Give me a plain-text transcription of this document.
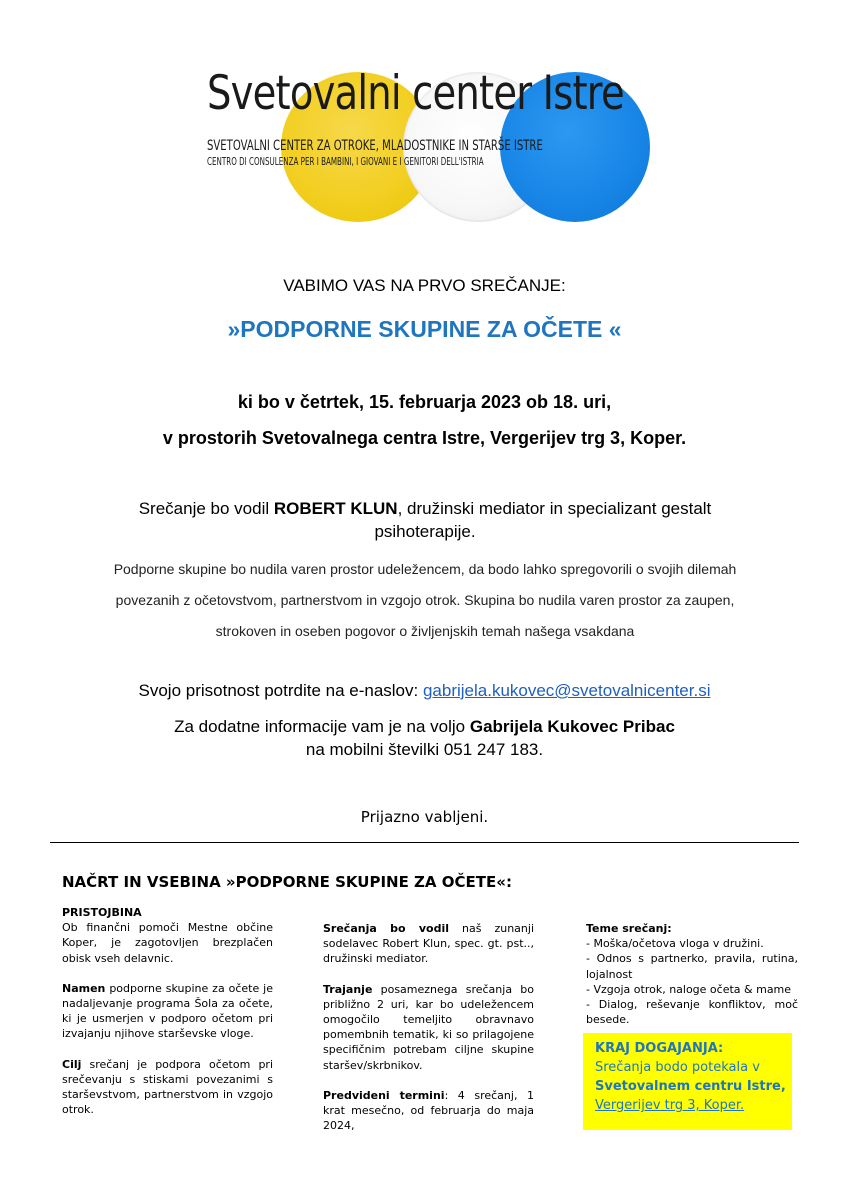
Svetovalni center Istre
SVETOVALNI CENTER ZA OTROKE, MLADOSTNIKE IN STARŠE ISTRE
CENTRO DI CONSULENZA PER I BAMBINI, I GIOVANI E I GENITORI DELL'ISTRIA
VABIMO VAS NA PRVO SREČANJE:
»PODPORNE SKUPINE ZA OČETE «
ki bo v četrtek, 15. februarja 2023 ob 18. uri,
v prostorih Svetovalnega centra Istre, Vergerijev trg 3, Koper.
Srečanje bo vodil ROBERT KLUN, družinski mediator in specializant gestalt psihoterapije.
Podporne skupine bo nudila varen prostor udeležencem, da bodo lahko spregovorili o svojih dilemah
povezanih z očetovstvom, partnerstvom in vzgojo otrok. Skupina bo nudila varen prostor za zaupen,
strokoven in oseben pogovor o življenjskih temah našega vsakdana
Svojo prisotnost potrdite na e-naslov: gabrijela.kukovec@svetovalnicenter.si
Za dodatne informacije vam je na voljo Gabrijela Kukovec Pribac
na mobilni številki 051 247 183.
Prijazno vabljeni.
NAČRT IN VSEBINA »PODPORNE SKUPINE ZA OČETE«:
PRISTOJBINA

Ob finančni pomoči Mestne občine Koper, je zagotovljen brezplačen obisk vseh delavnic.

Namen podporne skupine za očete je nadaljevanje programa Šola za očete, ki je usmerjen v podporo očetom pri izvajanju njihove starševske vloge.

Cilj srečanj je podpora očetom pri srečevanju s stiskami povezanimi s starševstvom, partnerstvom in vzgojo otrok.

Srečanja bo vodil naš zunanji sodelavec Robert Klun, spec. gt. pst.., družinski mediator.

Trajanje posameznega srečanja bo približno 2 uri, kar bo udeležencem omogočilo temeljito obravnavo pomembnih tematik, ki so prilagojene specifičnim potrebam ciljne skupine staršev/skrbnikov.

Predvideni termini: 4 srečanj, 1 krat mesečno, od februarja do maja 2024,

Teme srečanj:
- Moška/očetova vloga v družini.
- Odnos s partnerko, pravila, rutina, lojalnost
- Vzgoja otrok, naloge očeta & mame
- Dialog, reševanje konfliktov, moč besede.
KRAJ DOGAJANJA:
Srečanja bodo potekala v
Svetovalnem centru Istre,
Vergerijev trg 3, Koper.
